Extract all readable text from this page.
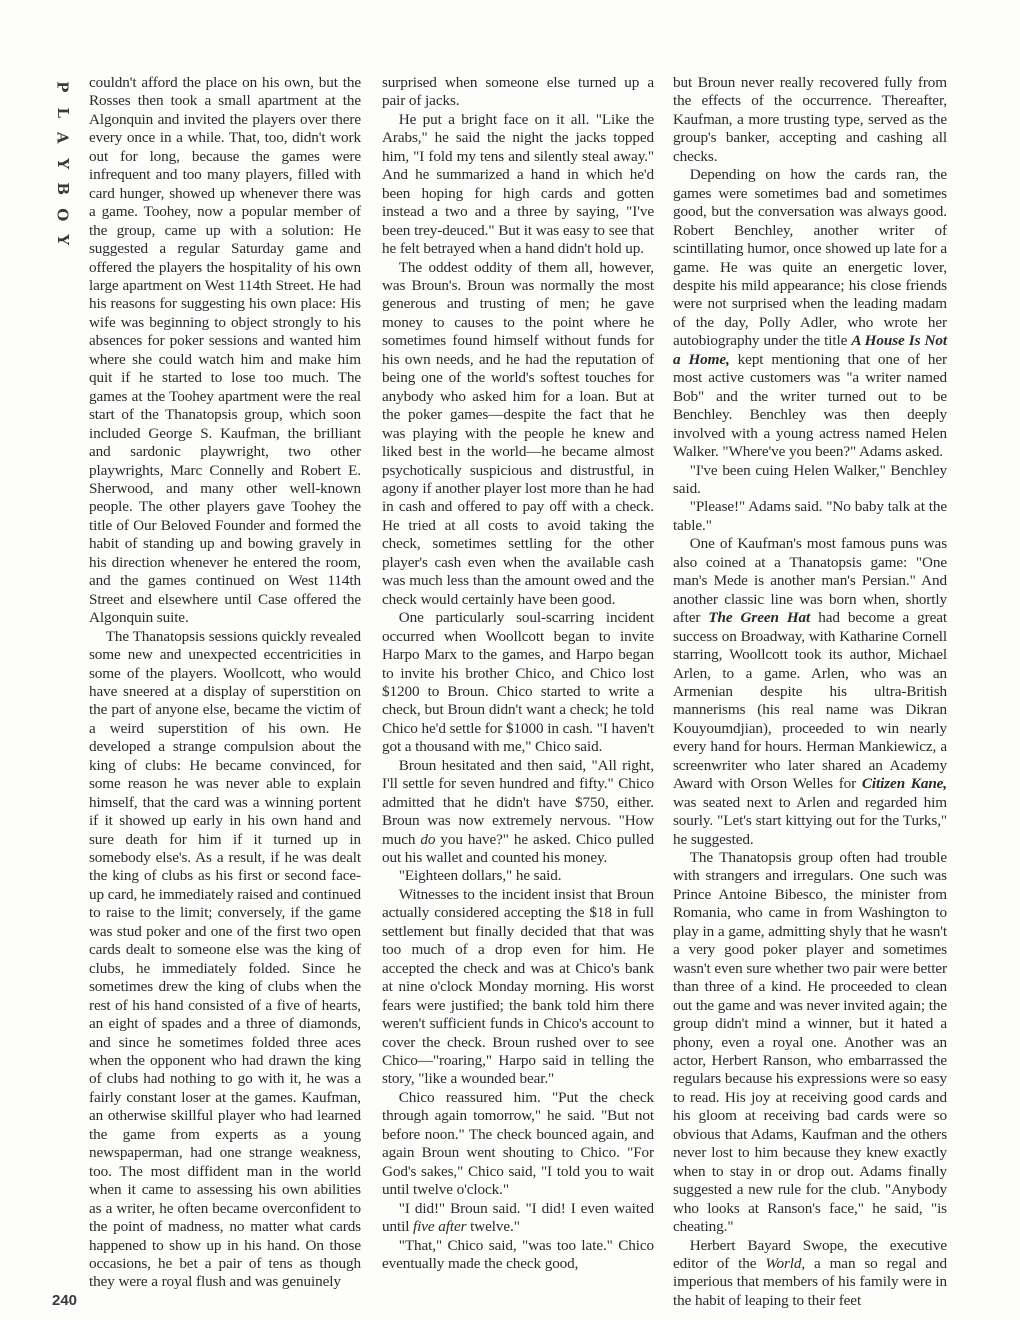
P
L
A
Y
B
O
Y

couldn't afford the place on his own, but the Rosses then took a small apartment at the Algonquin and invited the players over there every once in a while. That, too, didn't work out for long, because the games were infrequent and too many players, filled with card hunger, showed up whenever there was a game. Toohey, now a popular member of the group, came up with a solution: He suggested a regular Saturday game and offered the players the hospitality of his own large apartment on West 114th Street. He had his reasons for suggesting his own place: His wife was beginning to object strongly to his absences for poker sessions and wanted him where she could watch him and make him quit if he started to lose too much. The games at the Toohey apartment were the real start of the Thanatopsis group, which soon included George S. Kaufman, the brilliant and sardonic playwright, two other playwrights, Marc Connelly and Robert E. Sherwood, and many other well-known people. The other players gave Toohey the title of Our Beloved Founder and formed the habit of standing up and bowing gravely in his direction whenever he entered the room, and the games continued on West 114th Street and elsewhere until Case offered the Algonquin suite.

The Thanatopsis sessions quickly revealed some new and unexpected eccentricities in some of the players. Woollcott, who would have sneered at a display of superstition on the part of anyone else, became the victim of a weird superstition of his own. He developed a strange compulsion about the king of clubs: He became convinced, for some reason he was never able to explain himself, that the card was a winning portent if it showed up early in his own hand and sure death for him if it turned up in somebody else's. As a result, if he was dealt the king of clubs as his first or second face-up card, he immediately raised and continued to raise to the limit; conversely, if the game was stud poker and one of the first two open cards dealt to someone else was the king of clubs, he immediately folded. Since he sometimes drew the king of clubs when the rest of his hand consisted of a five of hearts, an eight of spades and a three of diamonds, and since he sometimes folded three aces when the opponent who had drawn the king of clubs had nothing to go with it, he was a fairly constant loser at the games. Kaufman, an otherwise skillful player who had learned the game from experts as a young newspaperman, had one strange weakness, too. The most diffident man in the world when it came to assessing his own abilities as a writer, he often became overconfident to the point of madness, no matter what cards happened to show up in his hand. On those occasions, he bet a pair of tens as though they were a royal flush and was genuinely

surprised when someone else turned up a pair of jacks.

He put a bright face on it all. "Like the Arabs," he said the night the jacks topped him, "I fold my tens and silently steal away." And he summarized a hand in which he'd been hoping for high cards and gotten instead a two and a three by saying, "I've been trey-deuced." But it was easy to see that he felt betrayed when a hand didn't hold up.

The oddest oddity of them all, however, was Broun's. Broun was normally the most generous and trusting of men; he gave money to causes to the point where he sometimes found himself without funds for his own needs, and he had the reputation of being one of the world's softest touches for anybody who asked him for a loan. But at the poker games—despite the fact that he was playing with the people he knew and liked best in the world—he became almost psychotically suspicious and distrustful, in agony if another player lost more than he had in cash and offered to pay off with a check. He tried at all costs to avoid taking the check, sometimes settling for the other player's cash even when the available cash was much less than the amount owed and the check would certainly have been good.

One particularly soul-scarring incident occurred when Woollcott began to invite Harpo Marx to the games, and Harpo began to invite his brother Chico, and Chico lost $1200 to Broun. Chico started to write a check, but Broun didn't want a check; he told Chico he'd settle for $1000 in cash. "I haven't got a thousand with me," Chico said.

Broun hesitated and then said, "All right, I'll settle for seven hundred and fifty." Chico admitted that he didn't have $750, either. Broun was now extremely nervous. "How much do you have?" he asked. Chico pulled out his wallet and counted his money.

"Eighteen dollars," he said.

Witnesses to the incident insist that Broun actually considered accepting the $18 in full settlement but finally decided that that was too much of a drop even for him. He accepted the check and was at Chico's bank at nine o'clock Monday morning. His worst fears were justified; the bank told him there weren't sufficient funds in Chico's account to cover the check. Broun rushed over to see Chico—"roaring," Harpo said in telling the story, "like a wounded bear."

Chico reassured him. "Put the check through again tomorrow," he said. "But not before noon." The check bounced again, and again Broun went shouting to Chico. "For God's sakes," Chico said, "I told you to wait until twelve o'clock."

"I did!" Broun said. "I did! I even waited until five after twelve."

"That," Chico said, "was too late." Chico eventually made the check good,

but Broun never really recovered fully from the effects of the occurrence. Thereafter, Kaufman, a more trusting type, served as the group's banker, accepting and cashing all checks.

Depending on how the cards ran, the games were sometimes bad and sometimes good, but the conversation was always good. Robert Benchley, another writer of scintillating humor, once showed up late for a game. He was quite an energetic lover, despite his mild appearance; his close friends were not surprised when the leading madam of the day, Polly Adler, who wrote her autobiography under the title A House Is Not a Home, kept mentioning that one of her most active customers was "a writer named Bob" and the writer turned out to be Benchley. Benchley was then deeply involved with a young actress named Helen Walker. "Where've you been?" Adams asked.

"I've been cuing Helen Walker," Benchley said.

"Please!" Adams said. "No baby talk at the table."

One of Kaufman's most famous puns was also coined at a Thanatopsis game: "One man's Mede is another man's Persian." And another classic line was born when, shortly after The Green Hat had become a great success on Broadway, with Katharine Cornell starring, Woollcott took its author, Michael Arlen, to a game. Arlen, who was an Armenian despite his ultra-British mannerisms (his real name was Dikran Kouyoumdjian), proceeded to win nearly every hand for hours. Herman Mankiewicz, a screenwriter who later shared an Academy Award with Orson Welles for Citizen Kane, was seated next to Arlen and regarded him sourly. "Let's start kittying out for the Turks," he suggested.

The Thanatopsis group often had trouble with strangers and irregulars. One such was Prince Antoine Bibesco, the minister from Romania, who came in from Washington to play in a game, admitting shyly that he wasn't a very good poker player and sometimes wasn't even sure whether two pair were better than three of a kind. He proceeded to clean out the game and was never invited again; the group didn't mind a winner, but it hated a phony, even a royal one. Another was an actor, Herbert Ranson, who embarrassed the regulars because his expressions were so easy to read. His joy at receiving good cards and his gloom at receiving bad cards were so obvious that Adams, Kaufman and the others never lost to him because they knew exactly when to stay in or drop out. Adams finally suggested a new rule for the club. "Anybody who looks at Ranson's face," he said, "is cheating."

Herbert Bayard Swope, the executive editor of the World, a man so regal and imperious that members of his family were in the habit of leaping to their feet

240
